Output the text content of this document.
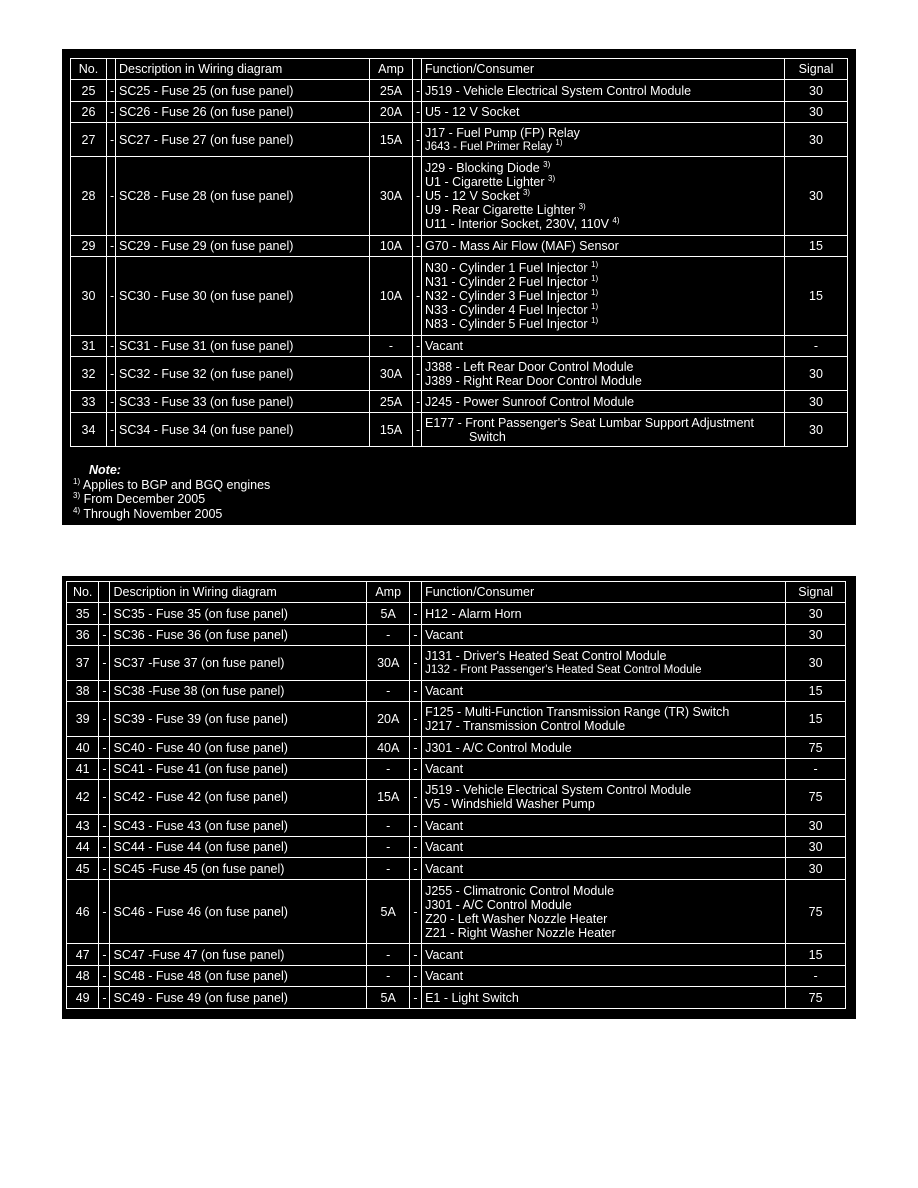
No.		Description in Wiring diagram	Amp		Function/Consumer	Signal
25	-	SC25 - Fuse 25 (on fuse panel)	25A	-	J519 - Vehicle Electrical System Control Module	30
26	-	SC26 - Fuse 26 (on fuse panel)	20A	-	U5 - 12 V Socket	30
27	-	SC27 - Fuse 27 (on fuse panel)	15A	-	J17 - Fuel Pump (FP) Relay
J643 - Fuel Primer Relay $^{1)}$	30
28	-	SC28 - Fuse 28 (on fuse panel)	30A	-	J29 - Blocking Diode $^{3)}$
U1 - Cigarette Lighter $^{3)}$
U5 - 12 V Socket $^{3)}$
U9 - Rear Cigarette Lighter $^{3)}$
U11 - Interior Socket, 230V, 110V $^{4)}$	30
29	-	SC29 - Fuse 29 (on fuse panel)	10A	-	G70 - Mass Air Flow (MAF) Sensor	15
30	-	SC30 - Fuse 30 (on fuse panel)	10A	-	N30 - Cylinder 1 Fuel Injector $^{1)}$
N31 - Cylinder 2 Fuel Injector $^{1)}$
N32 - Cylinder 3 Fuel Injector $^{1)}$
N33 - Cylinder 4 Fuel Injector $^{1)}$
N83 - Cylinder 5 Fuel Injector $^{1)}$	15
31	-	SC31 - Fuse 31 (on fuse panel)	-	-	Vacant	-
32	-	SC32 - Fuse 32 (on fuse panel)	30A	-	J388 - Left Rear Door Control Module
J389 - Right Rear Door Control Module	30
33	-	SC33 - Fuse 33 (on fuse panel)	25A	-	J245 - Power Sunroof Control Module	30
34	-	SC34 - Fuse 34 (on fuse panel)	15A	-	E177 - Front Passenger's Seat Lumbar Support Adjustment
Switch	30
Note:
$^{1)}$ Applies to BGP and BGQ engines
$^{3)}$ From December 2005
$^{4)}$ Through November 2005
No.		Description in Wiring diagram	Amp		Function/Consumer	Signal
35	-	SC35 - Fuse 35 (on fuse panel)	5A	-	H12 - Alarm Horn	30
36	-	SC36 - Fuse 36 (on fuse panel)	-	-	Vacant	30
37	-	SC37 -Fuse 37 (on fuse panel)	30A	-	J131 - Driver's Heated Seat Control Module
J132 - Front Passenger's Heated Seat Control Module	30
38	-	SC38 -Fuse 38 (on fuse panel)	-	-	Vacant	15
39	-	SC39 - Fuse 39 (on fuse panel)	20A	-	F125 - Multi-Function Transmission Range (TR) Switch
J217 - Transmission Control Module	15
40	-	SC40 - Fuse 40 (on fuse panel)	40A	-	J301 - A/C Control Module	75
41	-	SC41 - Fuse 41 (on fuse panel)	-	-	Vacant	-
42	-	SC42 - Fuse 42 (on fuse panel)	15A	-	J519 - Vehicle Electrical System Control Module
V5 - Windshield Washer Pump	75
43	-	SC43 - Fuse 43 (on fuse panel)	-	-	Vacant	30
44	-	SC44 - Fuse 44 (on fuse panel)	-	-	Vacant	30
45	-	SC45 -Fuse 45 (on fuse panel)	-	-	Vacant	30
46	-	SC46 - Fuse 46 (on fuse panel)	5A	-	J255 - Climatronic Control Module
J301 - A/C Control Module
Z20 - Left Washer Nozzle Heater
Z21 - Right Washer Nozzle Heater	75
47	-	SC47 -Fuse 47 (on fuse panel)	-	-	Vacant	15
48	-	SC48 - Fuse 48 (on fuse panel)	-	-	Vacant	-
49	-	SC49 - Fuse 49 (on fuse panel)	5A	-	E1 - Light Switch	75
